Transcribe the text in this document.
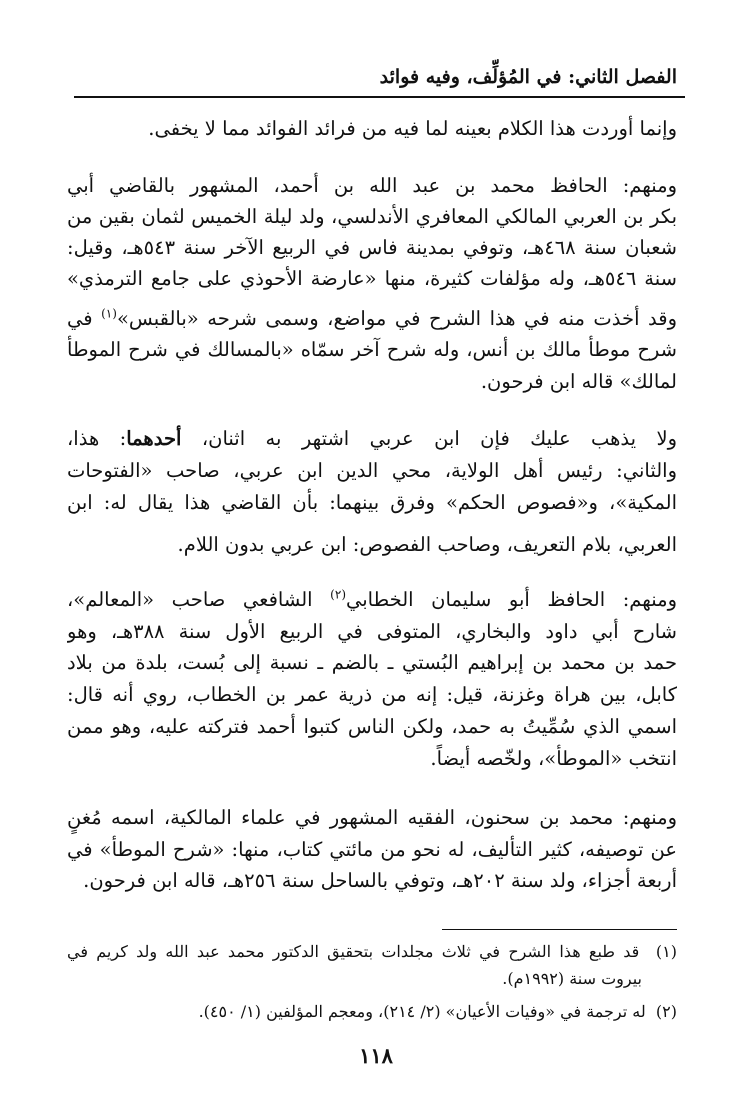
الفصل الثاني: في المُؤلِّف، وفيه فوائد
وإنما أوردت هذا الكلام بعينه لما فيه من فرائد الفوائد مما لا يخفى.
ومنهم: الحافظ محمد بن عبد الله بن أحمد، المشهور بالقاضي أبي
بكر بن العربي المالكي المعافري الأندلسي، ولد ليلة الخميس لثمان بقين من
شعبان سنة ٤٦٨هـ، وتوفي بمدينة فاس في الربيع الآخر سنة ٥٤٣هـ، وقيل:
سنة ٥٤٦هـ، وله مؤلفات كثيرة، منها «عارضة الأحوذي على جامع الترمذي»
وقد أخذت منه في هذا الشرح في مواضع، وسمى شرحه «بالقبس»$^{(١)}$ في
شرح موطأ مالك بن أنس، وله شرح آخر سمّاه «بالمسالك في شرح الموطأ
لمالك» قاله ابن فرحون.
ولا يذهب عليك فإن ابن عربي اشتهر به اثنان، أحدهما: هذا،
والثاني: رئيس أهل الولاية، محي الدين ابن عربي، صاحب «الفتوحات
المكية»، و«فصوص الحكم» وفرق بينهما: بأن القاضي هذا يقال له: ابن
العربي، بلام التعريف، وصاحب الفصوص: ابن عربي بدون اللام.
ومنهم: الحافظ أبو سليمان الخطابي$^{(٢)}$ الشافعي صاحب «المعالم»،
شارح أبي داود والبخاري، المتوفى في الربيع الأول سنة ٣٨٨هـ، وهو
حمد بن محمد بن إبراهيم البُستي ـ بالضم ـ نسبة إلى بُست، بلدة من بلاد
كابل، بين هراة وغزنة، قيل: إنه من ذرية عمر بن الخطاب، روي أنه قال:
اسمي الذي سُمِّيتُ به حمد، ولكن الناس كتبوا أحمد فتركته عليه، وهو ممن
انتخب «الموطأ»، ولخّصه أيضاً.
ومنهم: محمد بن سحنون، الفقيه المشهور في علماء المالكية، اسمه مُغنٍ
عن توصيفه، كثير التأليف، له نحو من مائتي كتاب، منها: «شرح الموطأ» في
أربعة أجزاء، ولد سنة ٢٠٢هـ، وتوفي بالساحل سنة ٢٥٦هـ، قاله ابن فرحون.
(١)  قد طبع هذا الشرح في ثلاث مجلدات بتحقيق الدكتور محمد عبد الله ولد كريم في
بيروت سنة (١٩٩٢م).
(٢)  له ترجمة في «وفيات الأعيان» (٢/ ٢١٤)، ومعجم المؤلفين (١/ ٤٥٠).
١١٨
